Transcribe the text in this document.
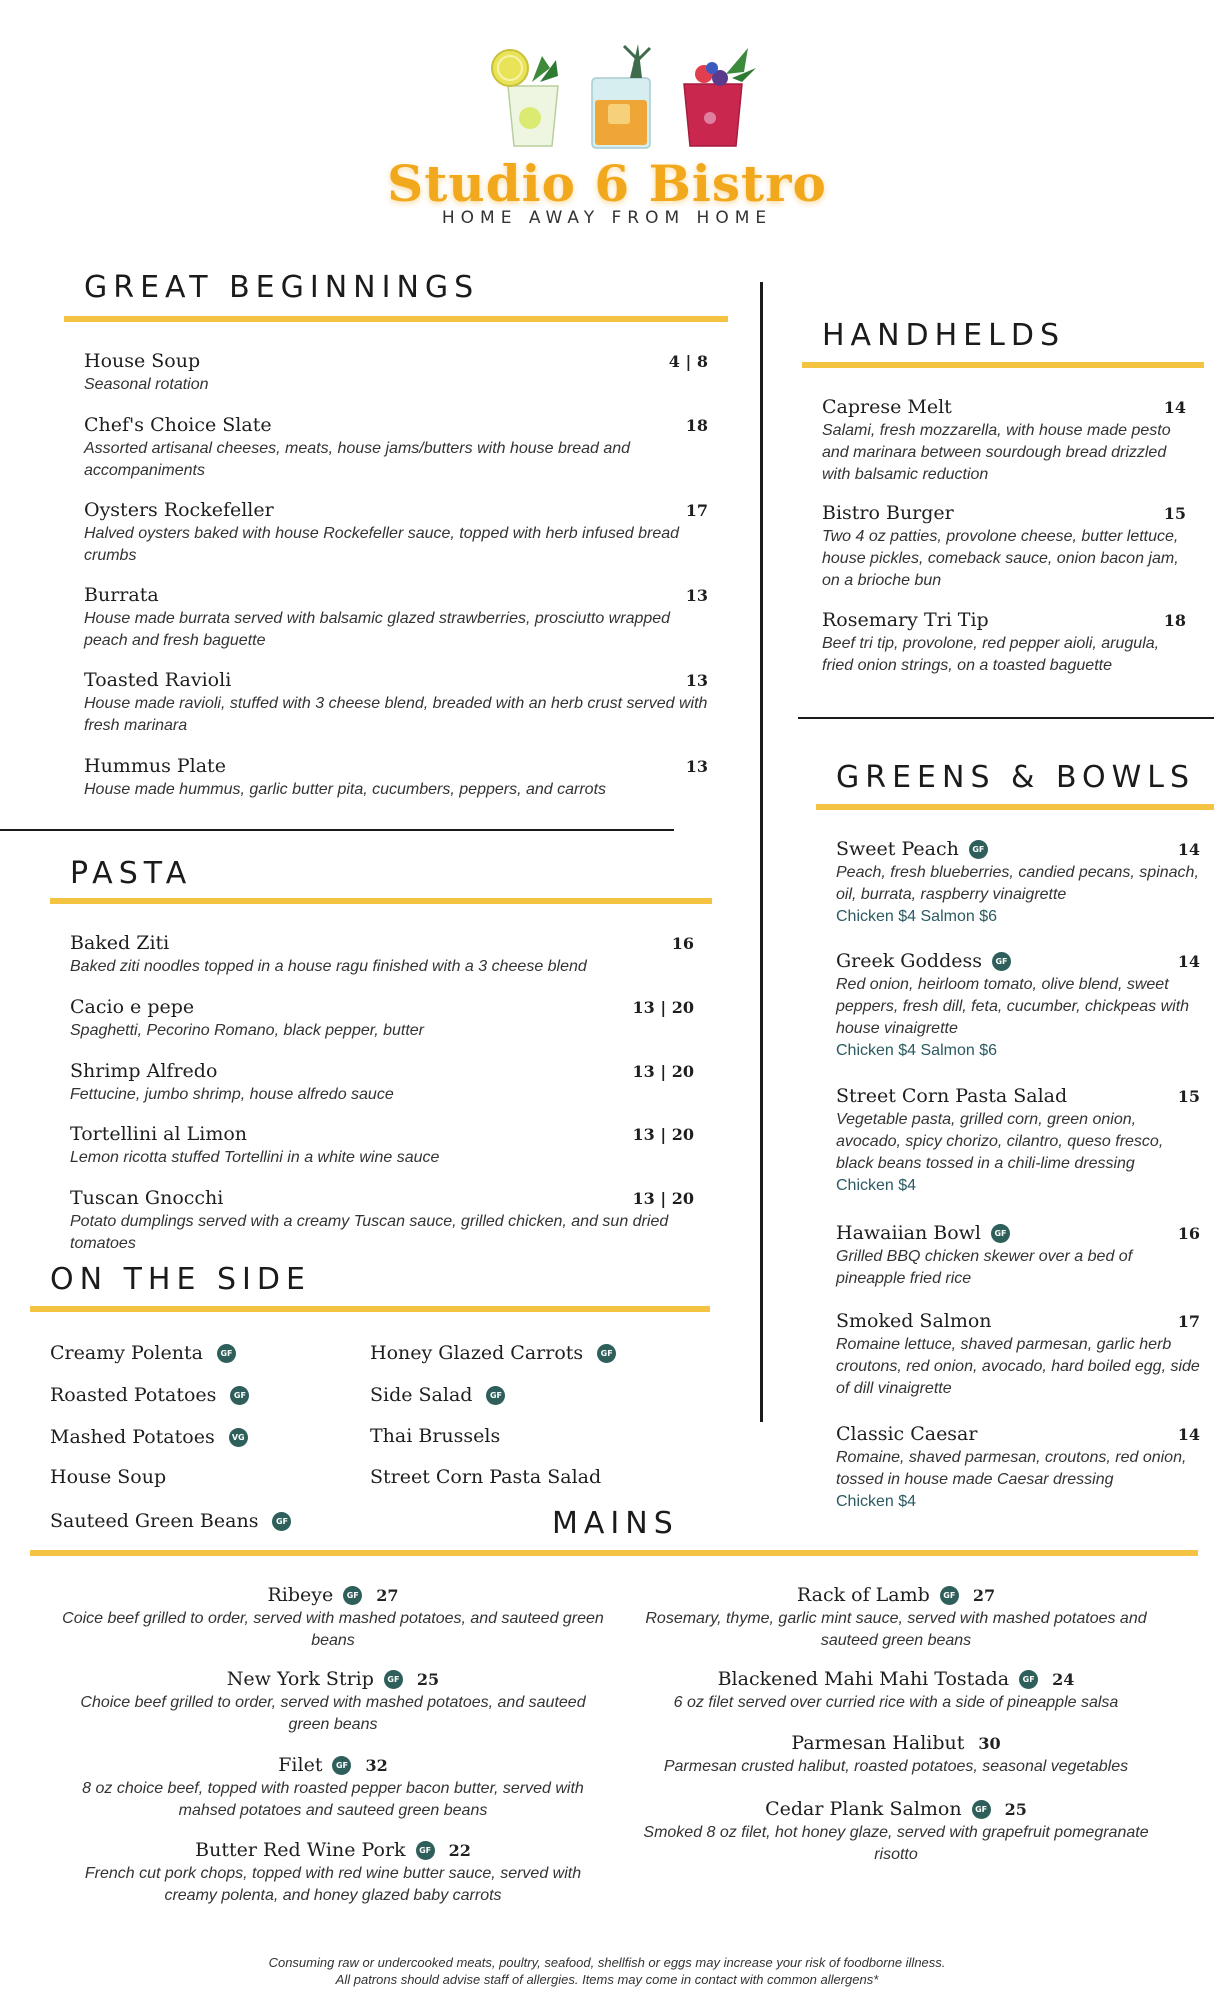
Studio 6 Bistro
HOME AWAY FROM HOME
GREAT BEGINNINGS
House Soup	4 | 8
Seasonal rotation
Chef's Choice Slate	18
Assorted artisanal cheeses, meats, house jams/butters with house bread and accompaniments
Oysters Rockefeller	17
Halved oysters baked with house Rockefeller sauce, topped with herb infused bread crumbs
Burrata	13
House made burrata served with balsamic glazed strawberries, prosciutto wrapped peach and fresh baguette
Toasted Ravioli	13
House made ravioli, stuffed with 3 cheese blend, breaded with an herb crust served with fresh marinara
Hummus Plate	13
House made hummus, garlic butter pita, cucumbers, peppers, and carrots
HANDHELDS
Caprese Melt	14
Salami, fresh mozzarella, with house made pesto and marinara between sourdough bread drizzled with balsamic reduction
Bistro Burger	15
Two 4 oz patties, provolone cheese, butter lettuce, house pickles, comeback sauce, onion bacon jam, on a brioche bun
Rosemary Tri Tip	18
Beef tri tip, provolone, red pepper aioli, arugula, fried onion strings, on a toasted baguette
PASTA
Baked Ziti	16
Baked ziti noodles topped in a house ragu finished with a 3 cheese blend
Cacio e pepe	13 | 20
Spaghetti, Pecorino Romano, black pepper, butter
Shrimp Alfredo	13 | 20
Fettucine, jumbo shrimp, house alfredo sauce
Tortellini al Limon	13 | 20
Lemon ricotta stuffed Tortellini in a white wine sauce
Tuscan Gnocchi	13 | 20
Potato dumplings served with a creamy Tuscan sauce, grilled chicken, and sun dried tomatoes
ON THE SIDE
Creamy Polenta	GF
Roasted Potatoes	GF
Mashed Potatoes	VG
House Soup
Sauteed Green Beans	GF
Honey Glazed Carrots	GF
Side Salad	GF
Thai Brussels
Street Corn Pasta Salad
GREENS & BOWLS
Sweet Peach	GF	14
Peach, fresh blueberries, candied pecans, spinach, oil, burrata, raspberry vinaigrette
Chicken $4 Salmon $6
Greek Goddess	GF	14
Red onion, heirloom tomato, olive blend, sweet peppers, fresh dill, feta, cucumber, chickpeas with house vinaigrette
Chicken $4 Salmon $6
Street Corn Pasta Salad	15
Vegetable pasta, grilled corn, green onion, avocado, spicy chorizo, cilantro, queso fresco, black beans tossed in a chili-lime dressing
Chicken $4
Hawaiian Bowl	GF	16
Grilled BBQ chicken skewer over a bed of pineapple fried rice
Smoked Salmon	17
Romaine lettuce, shaved parmesan, garlic herb croutons, red onion, avocado, hard boiled egg, side of dill vinaigrette
Classic Caesar	14
Romaine, shaved parmesan, croutons, red onion, tossed in house made Caesar dressing
Chicken $4
MAINS
Ribeye	GF 27
Coice beef grilled to order, served with mashed potatoes, and sauteed green beans
New York Strip	GF 25
Choice beef grilled to order, served with mashed potatoes, and sauteed green beans
Filet	GF 32
8 oz choice beef, topped with roasted pepper bacon butter, served with mahsed potatoes and sauteed green beans
Butter Red Wine Pork	GF 22
French cut pork chops, topped with red wine butter sauce, served with creamy polenta, and honey glazed baby carrots
Rack of Lamb	GF 27
Rosemary, thyme, garlic mint sauce, served with mashed potatoes and sauteed green beans
Blackened Mahi Mahi Tostada	GF 24
6 oz filet served over curried rice with a side of pineapple salsa
Parmesan Halibut 30
Parmesan crusted halibut, roasted potatoes, seasonal vegetables
Cedar Plank Salmon	GF 25
Smoked 8 oz filet, hot honey glaze, served with grapefruit pomegranate risotto
Consuming raw or undercooked meats, poultry, seafood, shellfish or eggs may increase your risk of foodborne illness.
All patrons should advise staff of allergies. Items may come in contact with common allergens*
